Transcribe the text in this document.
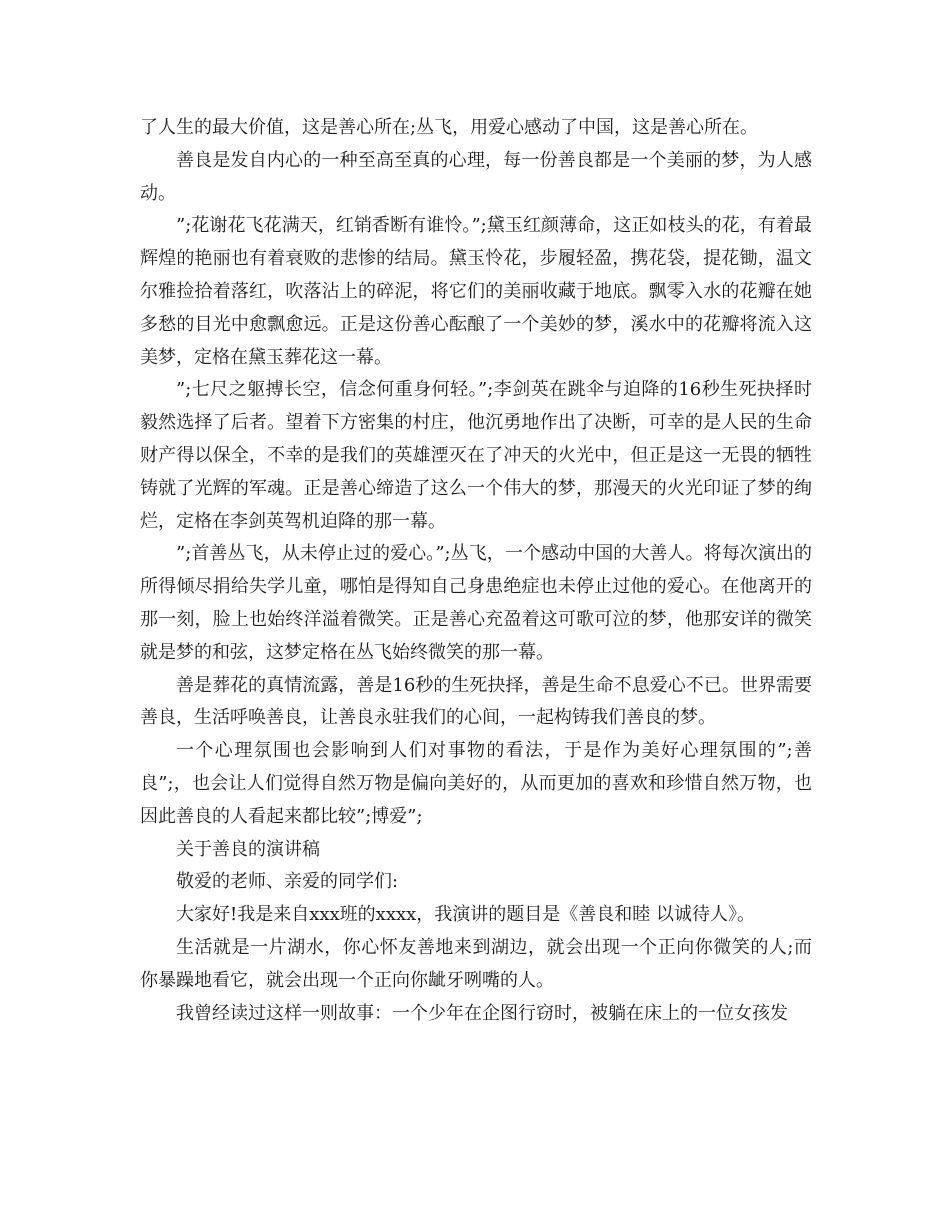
了人生的最大价值，这是善心所在;丛飞，用爱心感动了中国，这是善心所在。

善良是发自内心的一种至高至真的心理，每一份善良都是一个美丽的梦，为人感动。

”;花谢花飞花满天，红销香断有谁怜。”;黛玉红颜薄命，这正如枝头的花，有着最辉煌的艳丽也有着衰败的悲惨的结局。黛玉怜花，步履轻盈，携花袋，提花锄，温文尔雅捡拾着落红，吹落沾上的碎泥，将它们的美丽收藏于地底。飘零入水的花瓣在她多愁的目光中愈飘愈远。正是这份善心酝酿了一个美妙的梦，溪水中的花瓣将流入这美梦，定格在黛玉葬花这一幕。

”;七尺之躯搏长空，信念何重身何轻。”;李剑英在跳伞与迫降的16秒生死抉择时毅然选择了后者。望着下方密集的村庄，他沉勇地作出了决断，可幸的是人民的生命财产得以保全，不幸的是我们的英雄湮灭在了冲天的火光中，但正是这一无畏的牺牲铸就了光辉的军魂。正是善心缔造了这么一个伟大的梦，那漫天的火光印证了梦的绚烂，定格在李剑英驾机迫降的那一幕。

”;首善丛飞，从未停止过的爱心。”;丛飞，一个感动中国的大善人。将每次演出的所得倾尽捐给失学儿童，哪怕是得知自己身患绝症也未停止过他的爱心。在他离开的那一刻，脸上也始终洋溢着微笑。正是善心充盈着这可歌可泣的梦，他那安详的微笑就是梦的和弦，这梦定格在丛飞始终微笑的那一幕。

善是葬花的真情流露，善是16秒的生死抉择，善是生命不息爱心不已。世界需要善良，生活呼唤善良，让善良永驻我们的心间，一起构铸我们善良的梦。

一个心理氛围也会影响到人们对事物的看法，于是作为美好心理氛围的”;善良”;，也会让人们觉得自然万物是偏向美好的，从而更加的喜欢和珍惜自然万物，也因此善良的人看起来都比较”;博爱”;

关于善良的演讲稿

敬爱的老师、亲爱的同学们:

大家好!我是来自xxx班的xxxx，我演讲的题目是《善良和睦 以诚待人》。

生活就是一片湖水，你心怀友善地来到湖边，就会出现一个正向你微笑的人;而你暴躁地看它，就会出现一个正向你龇牙咧嘴的人。

我曾经读过这样一则故事：一个少年在企图行窃时，被躺在床上的一位女孩发
